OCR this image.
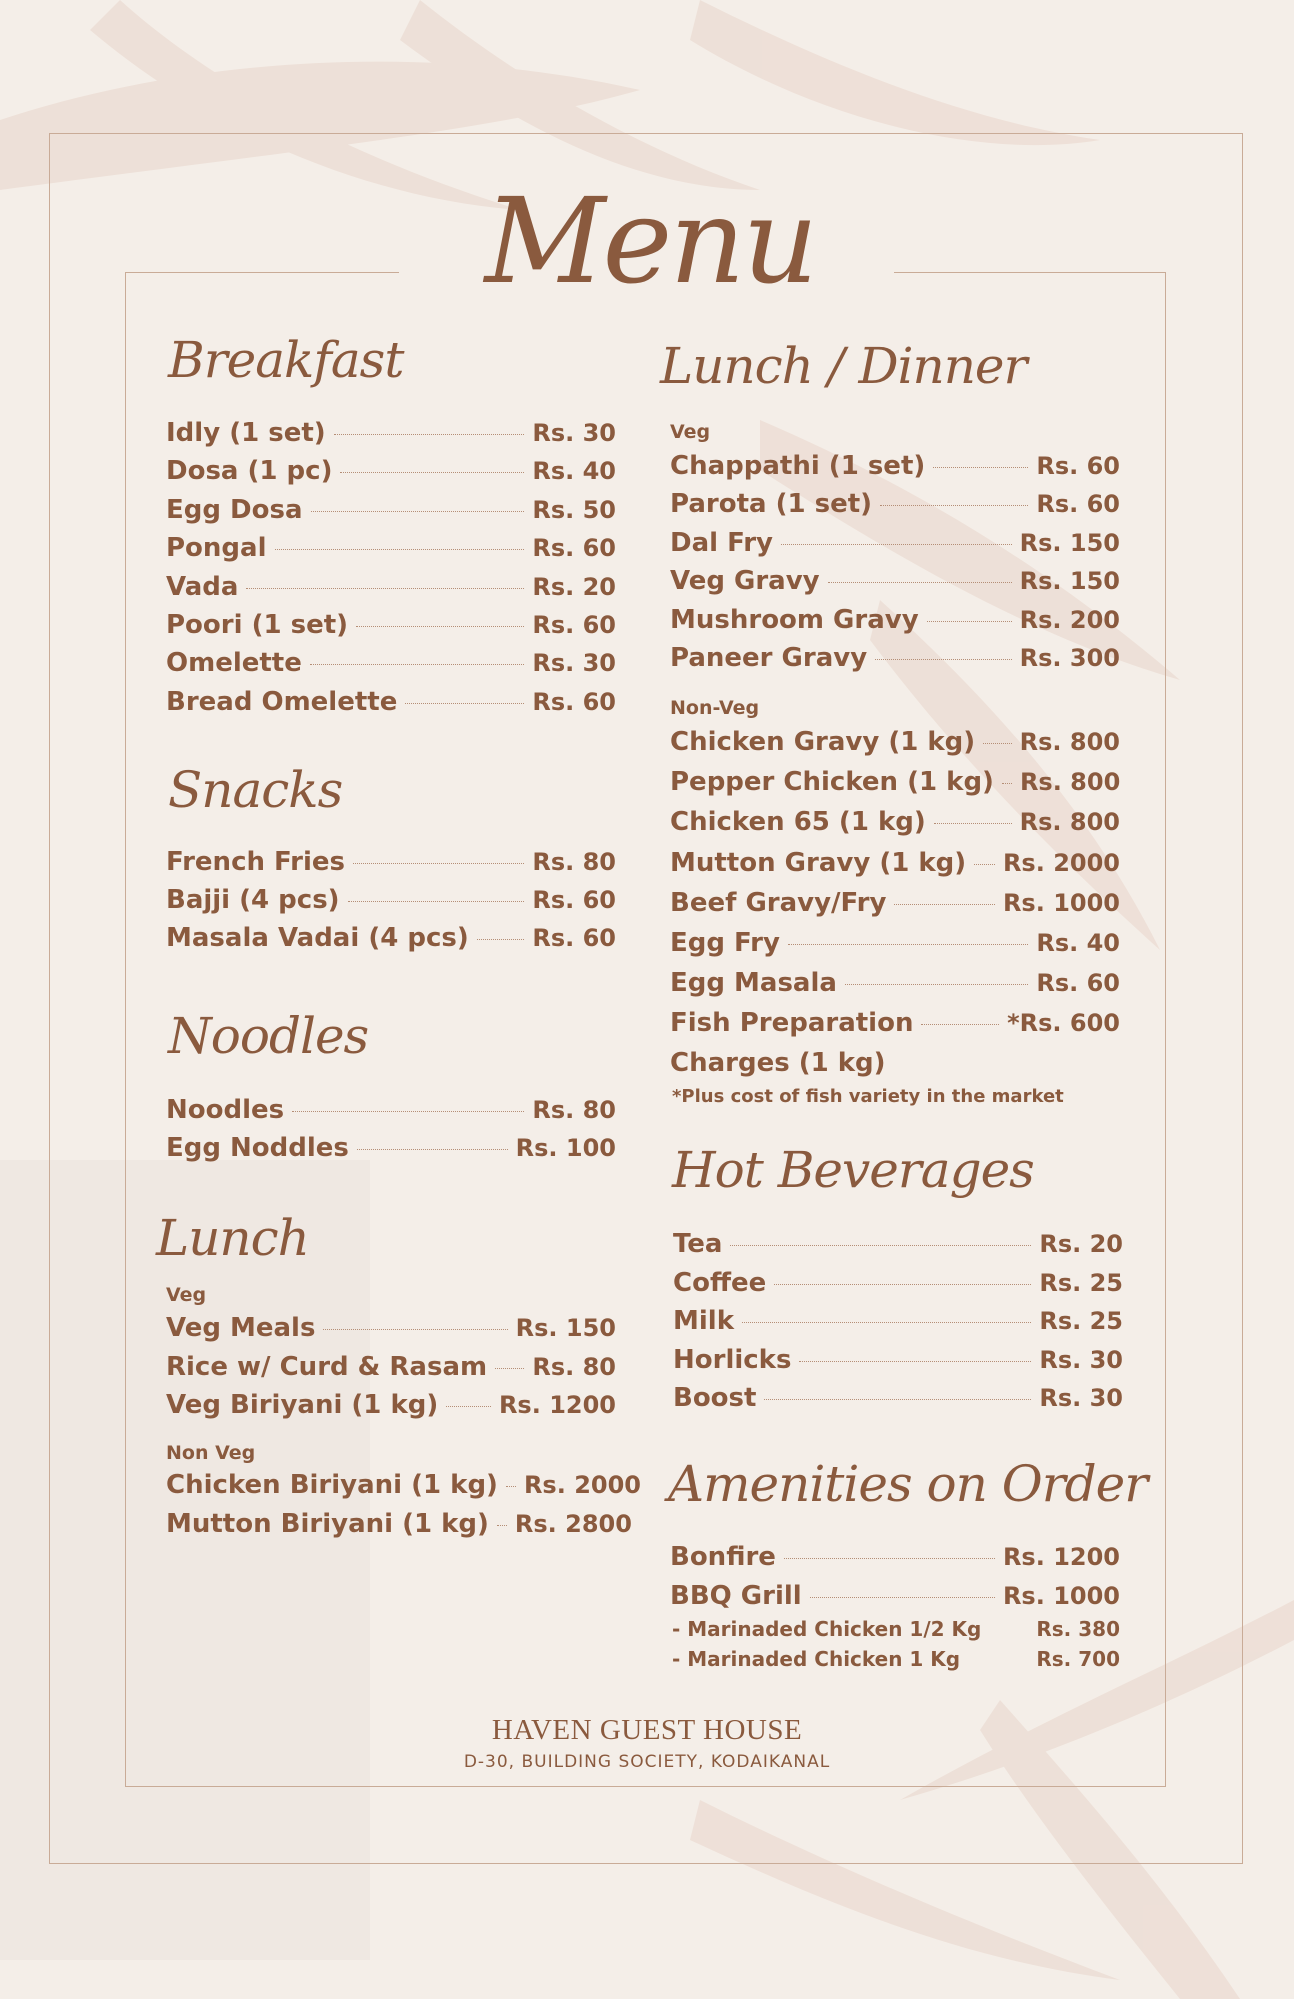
Menu
Breakfast
Idly (1 set)	Rs. 30
Dosa (1 pc)	Rs. 40
Egg Dosa	Rs. 50
Pongal	Rs. 60
Vada	Rs. 20
Poori (1 set)	Rs. 60
Omelette	Rs. 30
Bread Omelette	Rs. 60
Snacks
French Fries	Rs. 80
Bajji (4 pcs)	Rs. 60
Masala Vadai (4 pcs)	Rs. 60
Noodles
Noodles	Rs. 80
Egg Noddles	Rs. 100
Lunch
Veg
Veg Meals	Rs. 150
Rice w/ Curd & Rasam Rs. 80
Veg Biriyani (1 kg)	Rs. 1200
Non Veg
Chicken Biriyani (1 kg) Rs. 2000
Mutton Biriyani (1 kg) Rs. 2800
Lunch / Dinner
Veg
Chappathi (1 set)	Rs. 60
Parota (1 set)	Rs. 60
Dal Fry	Rs. 150
Veg Gravy	Rs. 150
Mushroom Gravy	Rs. 200
Paneer Gravy	Rs. 300
Non-Veg
Chicken Gravy (1 kg) Rs. 800
Pepper Chicken (1 kg) Rs. 800
Chicken 65 (1 kg)	Rs. 800
Mutton Gravy (1 kg) Rs. 2000
Beef Gravy/Fry	Rs. 1000
Egg Fry	Rs. 40
Egg Masala	Rs. 60
Fish Preparation	*Rs. 600
Charges (1 kg)
*Plus cost of fish variety in the market
Hot Beverages
Tea	Rs. 20
Coffee	Rs. 25
Milk	Rs. 25
Horlicks	Rs. 30
Boost	Rs. 30
Amenities on Order
Bonfire	Rs. 1200
BBQ Grill	Rs. 1000
- Marinaded Chicken 1/2 Kg	Rs. 380
- Marinaded Chicken 1 Kg	Rs. 700
HAVEN GUEST HOUSE
D-30, BUILDING SOCIETY, KODAIKANAL
